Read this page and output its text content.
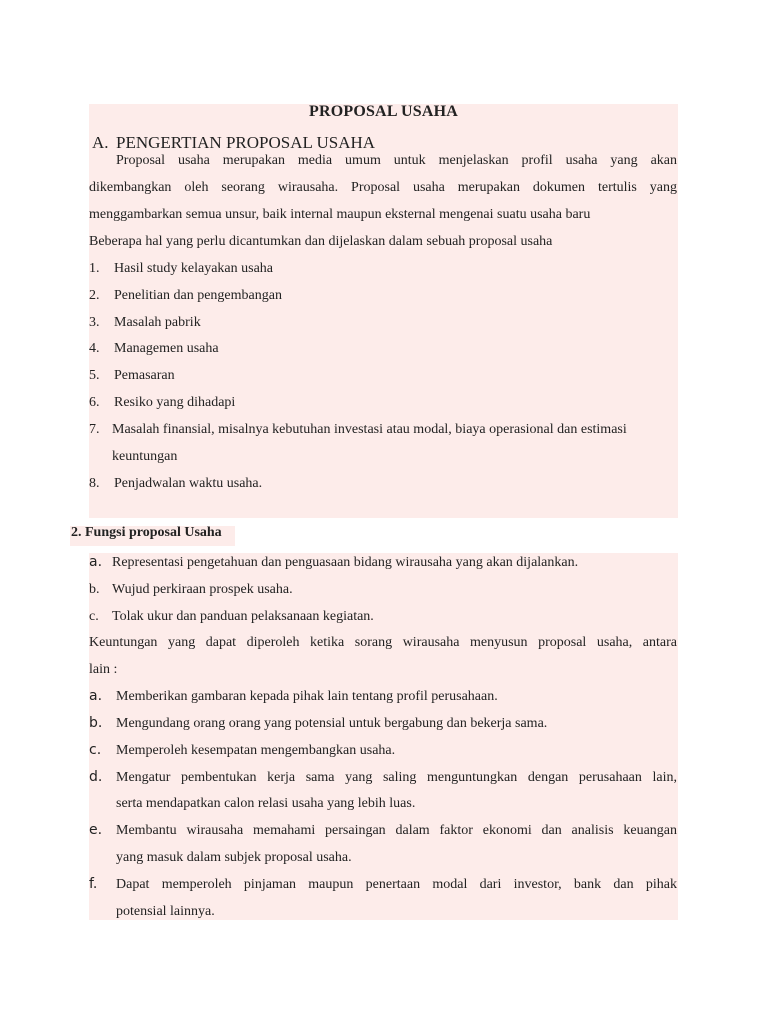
PROPOSAL USAHA
A. PENGERTIAN PROPOSAL USAHA
Proposal usaha merupakan media umum untuk menjelaskan profil usaha yang akan
dikembangkan oleh seorang wirausaha. Proposal usaha merupakan dokumen tertulis yang
menggambarkan semua unsur, baik internal maupun eksternal mengenai suatu usaha baru
Beberapa hal yang perlu dicantumkan dan dijelaskan dalam sebuah proposal usaha
1. Hasil study kelayakan usaha
2. Penelitian dan pengembangan
3. Masalah pabrik
4. Managemen usaha
5. Pemasaran
6. Resiko yang dihadapi
7. Masalah finansial, misalnya kebutuhan investasi atau modal, biaya operasional dan estimasi
keuntungan
8. Penjadwalan waktu usaha.
2. Fungsi proposal Usaha
a. Representasi pengetahuan dan penguasaan bidang wirausaha yang akan dijalankan.
b. Wujud perkiraan prospek usaha.
c. Tolak ukur dan panduan pelaksanaan kegiatan.
Keuntungan yang dapat diperoleh ketika sorang wirausaha menyusun proposal usaha, antara
lain :
a. Memberikan gambaran kepada pihak lain tentang profil perusahaan.
b. Mengundang orang orang yang potensial untuk bergabung dan bekerja sama.
c. Memperoleh kesempatan mengembangkan usaha.
d. Mengatur pembentukan kerja sama yang saling menguntungkan dengan perusahaan lain,
serta mendapatkan calon relasi usaha yang lebih luas.
e. Membantu wirausaha memahami persaingan dalam faktor ekonomi dan analisis keuangan
yang masuk dalam subjek proposal usaha.
f. Dapat memperoleh pinjaman maupun penertaan modal dari investor, bank dan pihak
potensial lainnya.
